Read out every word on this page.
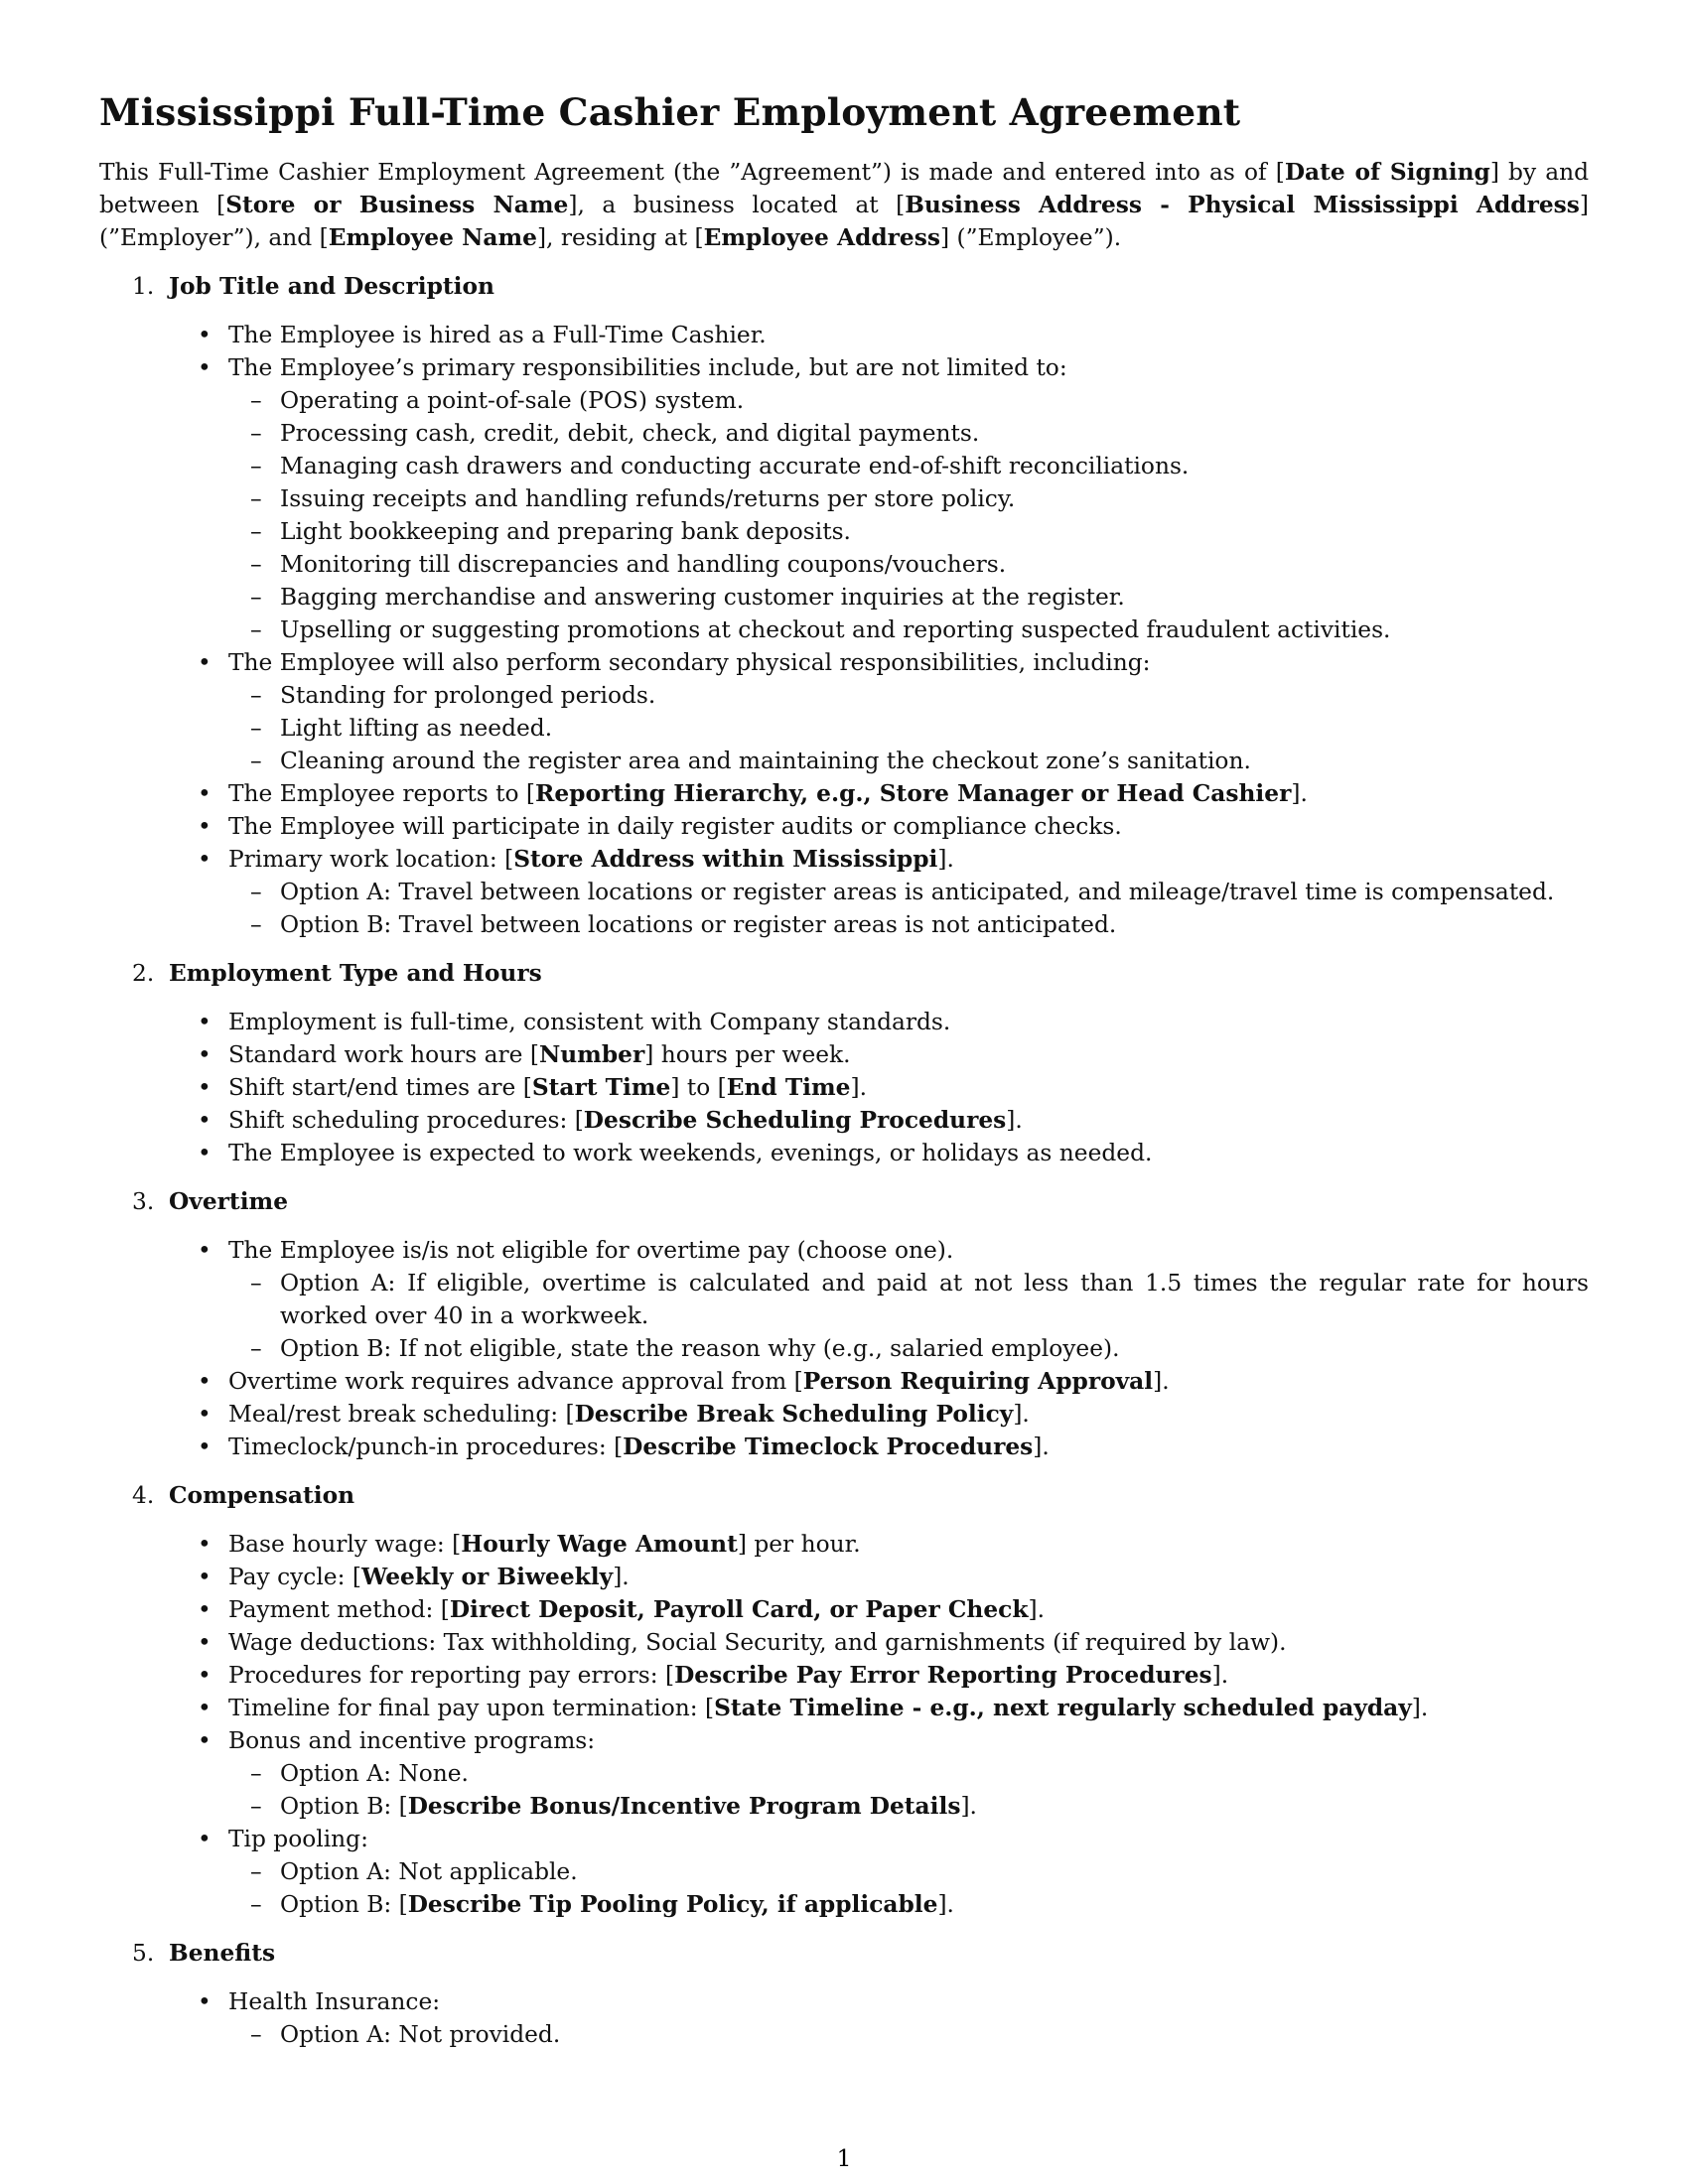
Mississippi Full-Time Cashier Employment Agreement

This Full-Time Cashier Employment Agreement (the ”Agreement”) is made and entered into as of [Date of Signing] by and between [Store or Business Name], a business located at [Business Address - Physical Mississippi Address] (”Employer”), and [Employee Name], residing at [Employee Address] (”Employee”).

1. Job Title and Description
• The Employee is hired as a Full-Time Cashier.
• The Employee’s primary responsibilities include, but are not limited to:
– Operating a point-of-sale (POS) system.
– Processing cash, credit, debit, check, and digital payments.
– Managing cash drawers and conducting accurate end-of-shift reconciliations.
– Issuing receipts and handling refunds/returns per store policy.
– Light bookkeeping and preparing bank deposits.
– Monitoring till discrepancies and handling coupons/vouchers.
– Bagging merchandise and answering customer inquiries at the register.
– Upselling or suggesting promotions at checkout and reporting suspected fraudulent activities.
• The Employee will also perform secondary physical responsibilities, including:
– Standing for prolonged periods.
– Light lifting as needed.
– Cleaning around the register area and maintaining the checkout zone’s sanitation.
• The Employee reports to [Reporting Hierarchy, e.g., Store Manager or Head Cashier].
• The Employee will participate in daily register audits or compliance checks.
• Primary work location: [Store Address within Mississippi].
– Option A: Travel between locations or register areas is anticipated, and mileage/travel time is compensated.
– Option B: Travel between locations or register areas is not anticipated.
2. Employment Type and Hours
• Employment is full-time, consistent with Company standards.
• Standard work hours are [Number] hours per week.
• Shift start/end times are [Start Time] to [End Time].
• Shift scheduling procedures: [Describe Scheduling Procedures].
• The Employee is expected to work weekends, evenings, or holidays as needed.
3. Overtime
• The Employee is/is not eligible for overtime pay (choose one).
– Option A: If eligible, overtime is calculated and paid at not less than 1.5 times the regular rate for hours worked over 40 in a workweek.
– Option B: If not eligible, state the reason why (e.g., salaried employee).
• Overtime work requires advance approval from [Person Requiring Approval].
• Meal/rest break scheduling: [Describe Break Scheduling Policy].
• Timeclock/punch-in procedures: [Describe Timeclock Procedures].
4. Compensation
• Base hourly wage: [Hourly Wage Amount] per hour.
• Pay cycle: [Weekly or Biweekly].
• Payment method: [Direct Deposit, Payroll Card, or Paper Check].
• Wage deductions: Tax withholding, Social Security, and garnishments (if required by law).
• Procedures for reporting pay errors: [Describe Pay Error Reporting Procedures].
• Timeline for final pay upon termination: [State Timeline - e.g., next regularly scheduled payday].
• Bonus and incentive programs:
– Option A: None.
– Option B: [Describe Bonus/Incentive Program Details].
• Tip pooling:
– Option A: Not applicable.
– Option B: [Describe Tip Pooling Policy, if applicable].
5. Benefits
• Health Insurance:
– Option A: Not provided.
1
